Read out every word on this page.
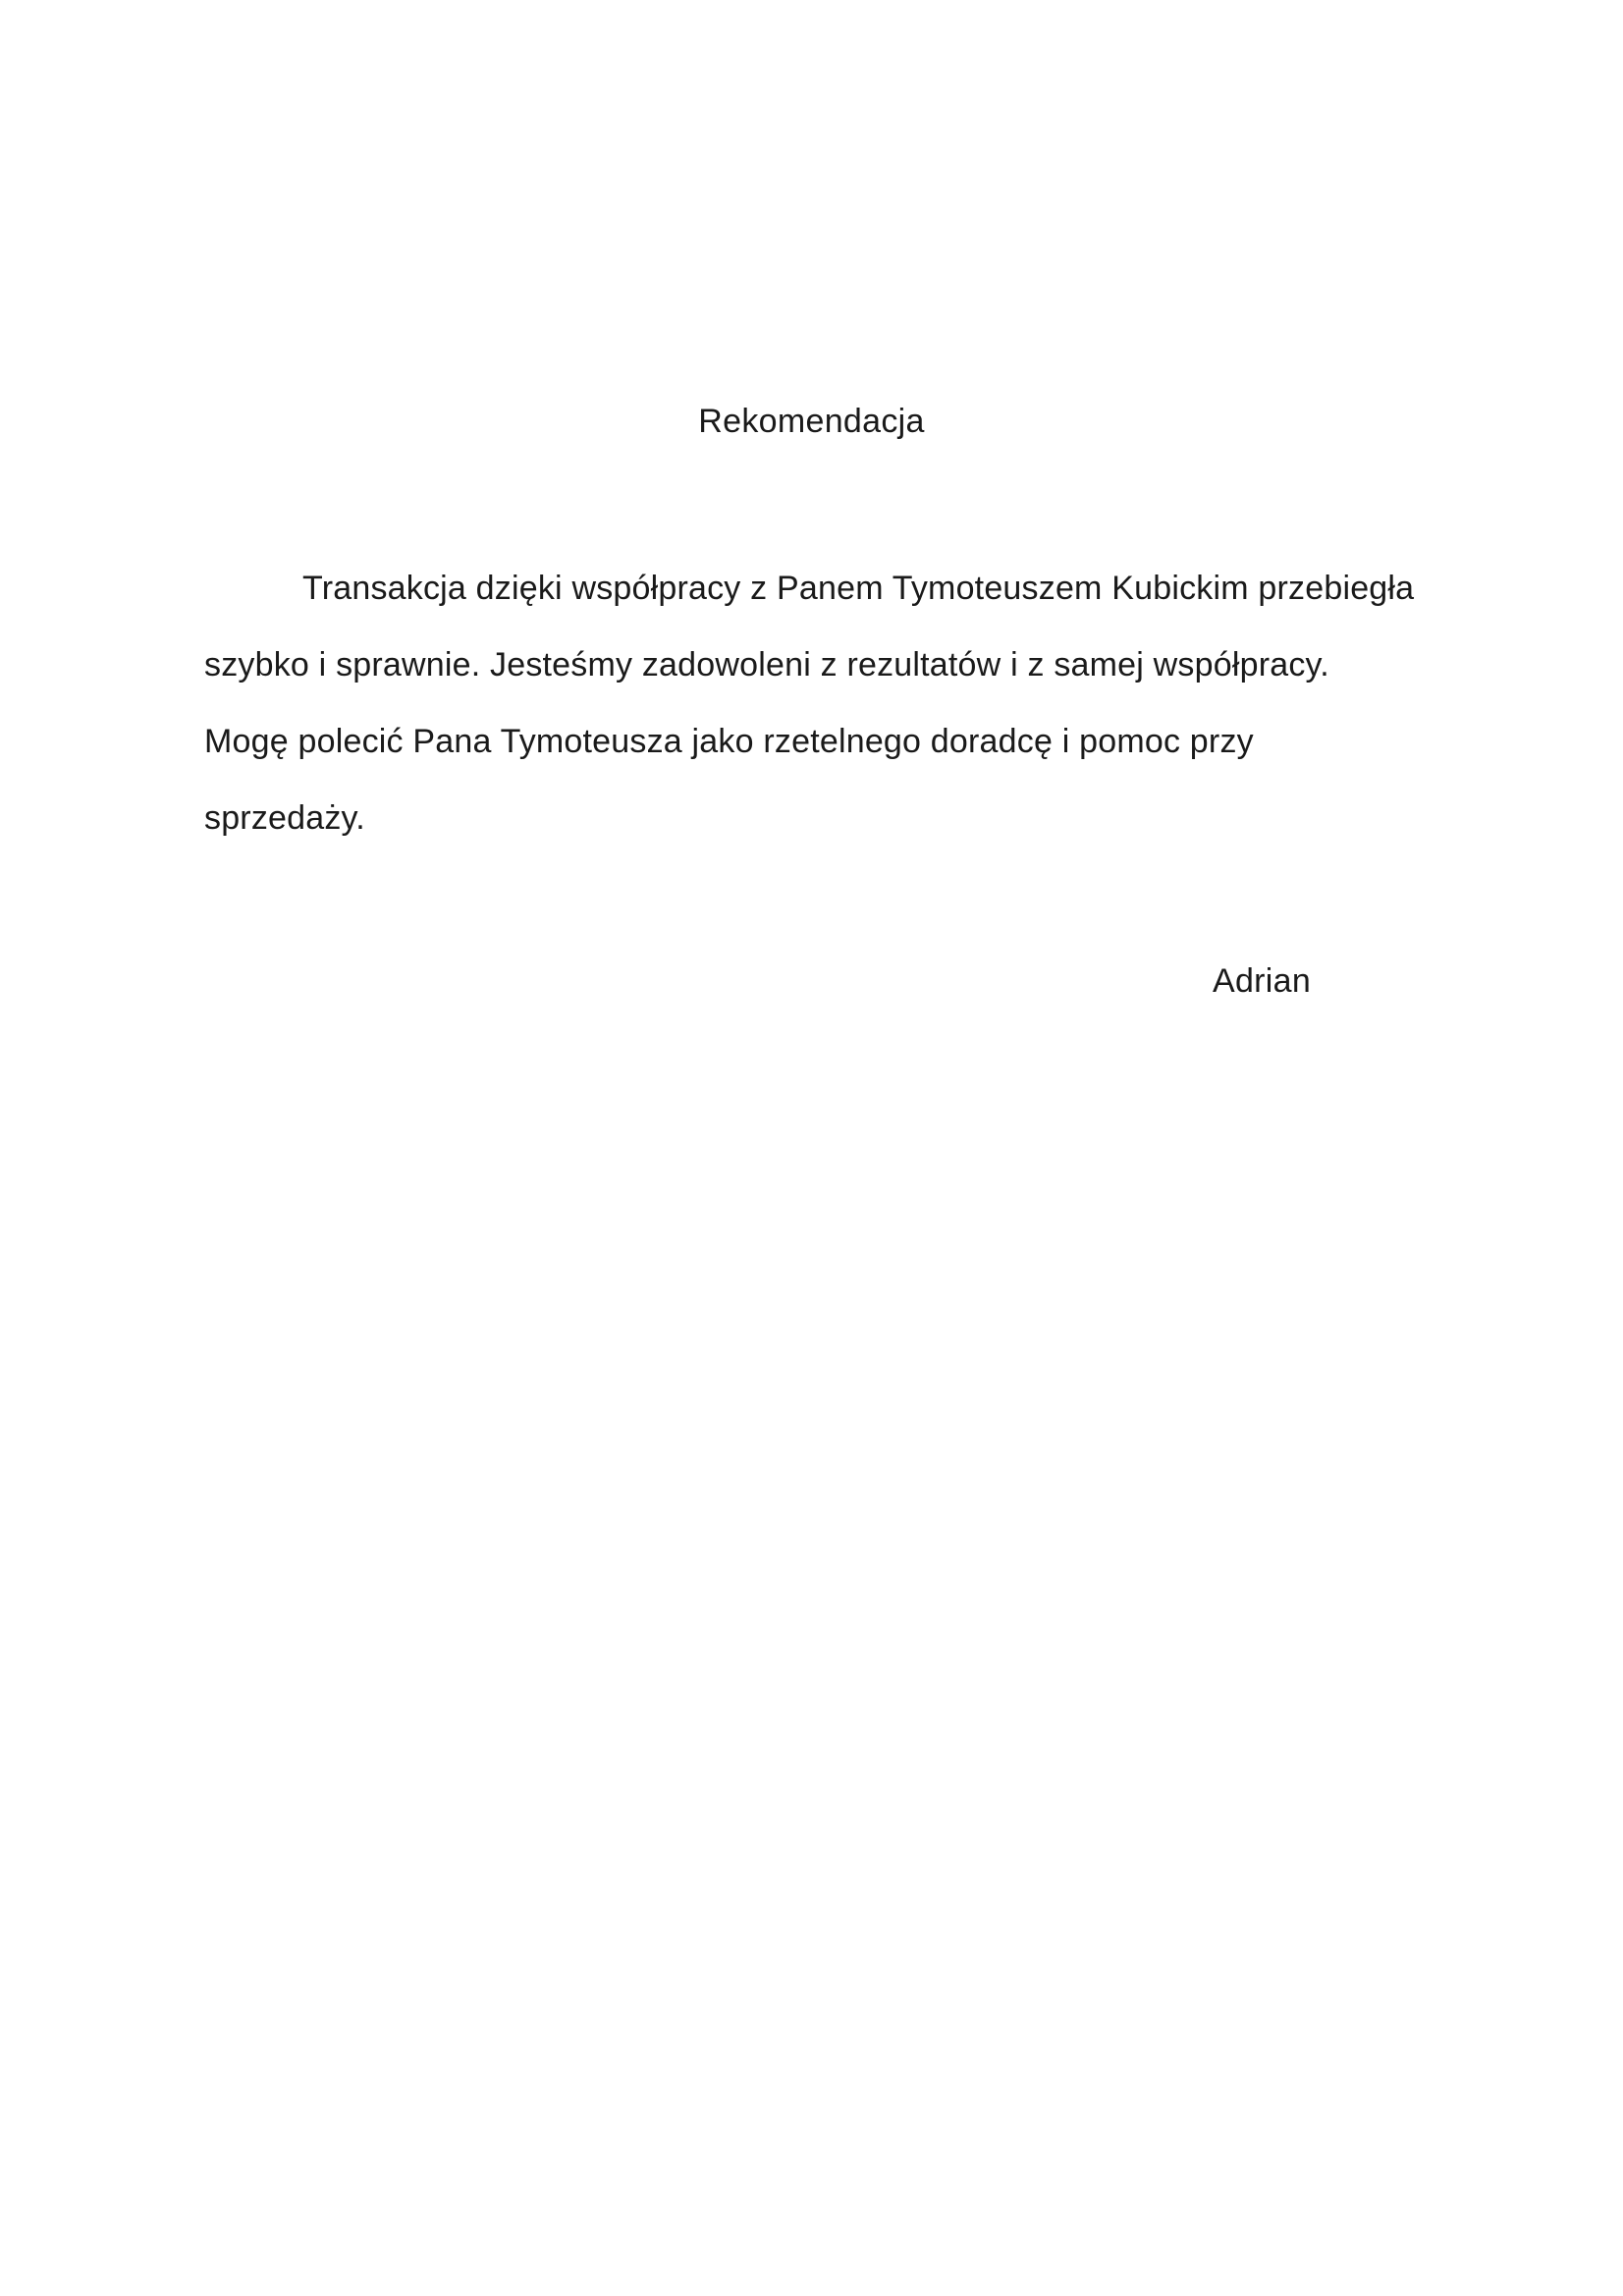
Rekomendacja
Transakcja dzięki współpracy z Panem Tymoteuszem Kubickim przebiegła
szybko i sprawnie. Jesteśmy zadowoleni z rezultatów i z samej współpracy.
Mogę polecić Pana Tymoteusza jako rzetelnego doradcę i pomoc przy
sprzedaży.
Adrian
